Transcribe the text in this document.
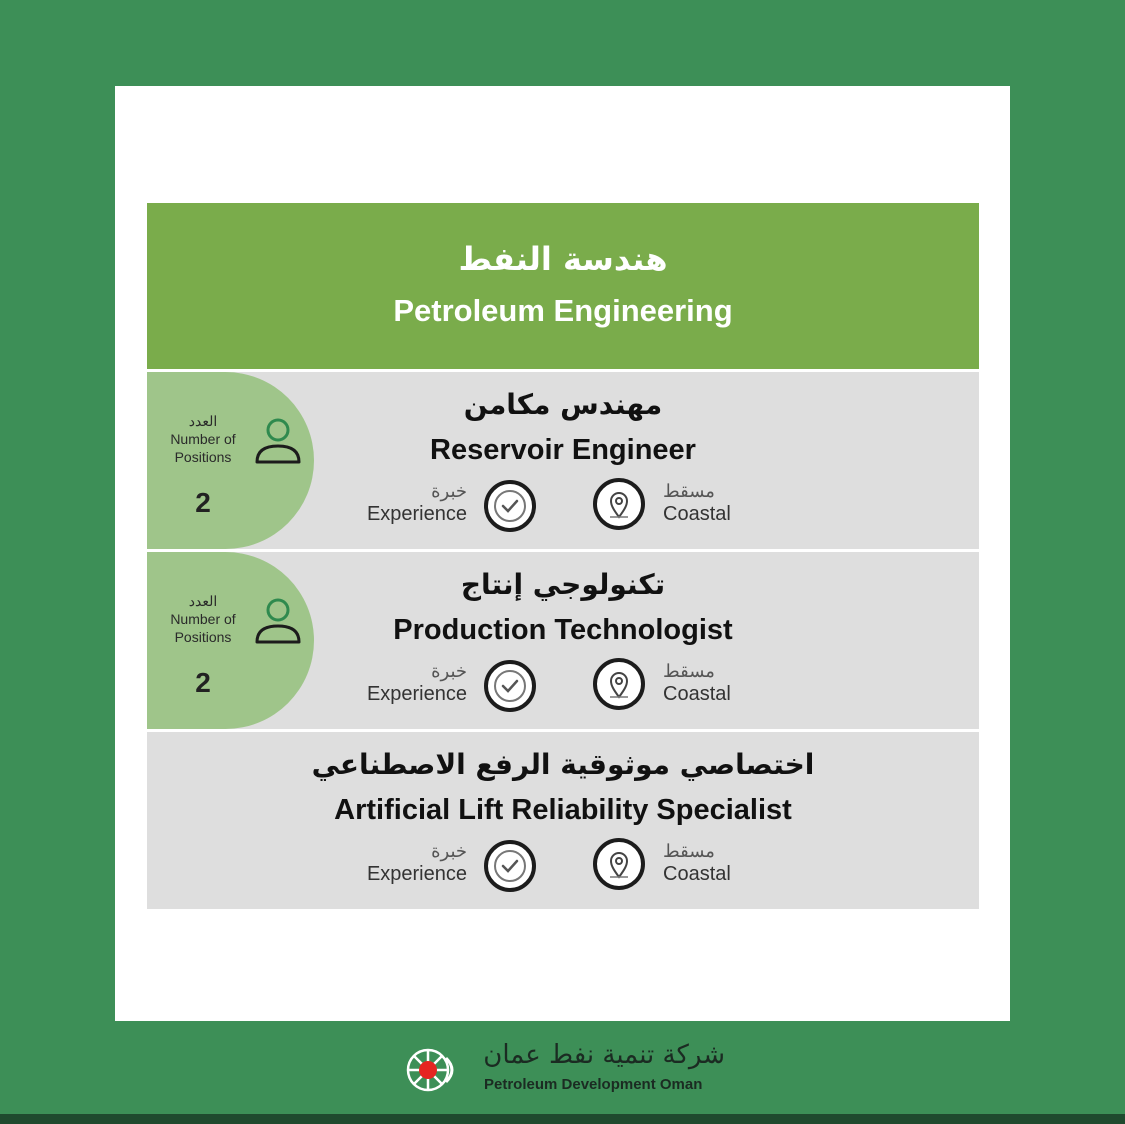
هندسة النفط
Petroleum Engineering
العدد
Number of
Positions
2
مهندس مكامن
Reservoir Engineer
خبرة
Experience
مسقط
Coastal
العدد
Number of
Positions
2
تكنولوجي إنتاج
Production Technologist
خبرة
Experience
مسقط
Coastal
اختصاصي موثوقية الرفع الاصطناعي
Artificial Lift Reliability Specialist
خبرة
Experience
مسقط
Coastal
شركة تنمية نفط عمان
Petroleum Development Oman
